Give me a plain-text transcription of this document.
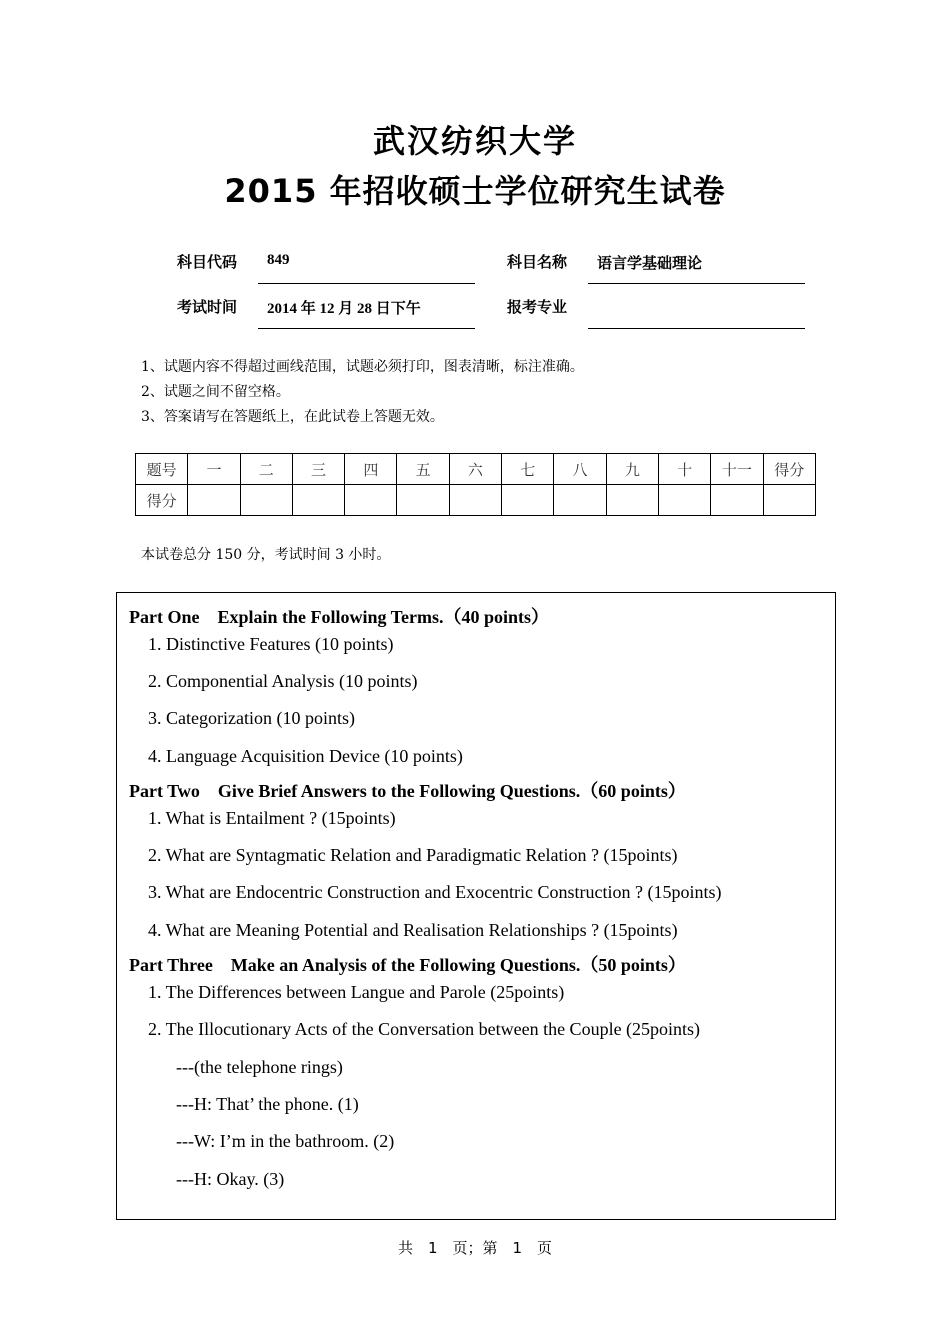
武汉纺织大学
2015 年招收硕士学位研究生试卷
科目代码 849	科目名称 语言学基础理论
考试时间 2014 年 12 月 28 日下午	报考专业
1、试题内容不得超过画线范围，试题必须打印，图表清晰，标注准确。
2、试题之间不留空格。
3、答案请写在答题纸上，在此试卷上答题无效。
题号	一	二	三	四	五	六	七	八	九	十	十一	得分
得分												
本试卷总分 150 分，考试时间 3 小时。
Part One　Explain the Following Terms.（40 points）
1. Distinctive Features (10 points)
2. Componential Analysis (10 points)
3. Categorization (10 points)
4. Language Acquisition Device (10 points)
Part Two　Give Brief Answers to the Following Questions.（60 points）
1. What is Entailment ? (15points)
2. What are Syntagmatic Relation and Paradigmatic Relation ? (15points)
3. What are Endocentric Construction and Exocentric Construction ? (15points)
4. What are Meaning Potential and Realisation Relationships ? (15points)
Part Three　Make an Analysis of the Following Questions.（50 points）
1. The Differences between Langue and Parole (25points)
2. The Illocutionary Acts of the Conversation between the Couple (25points)
---(the telephone rings)
---H: That’ the phone. (1)
---W: I’m in the bathroom. (2)
---H: Okay. (3)
共　1　页；第　1　页
